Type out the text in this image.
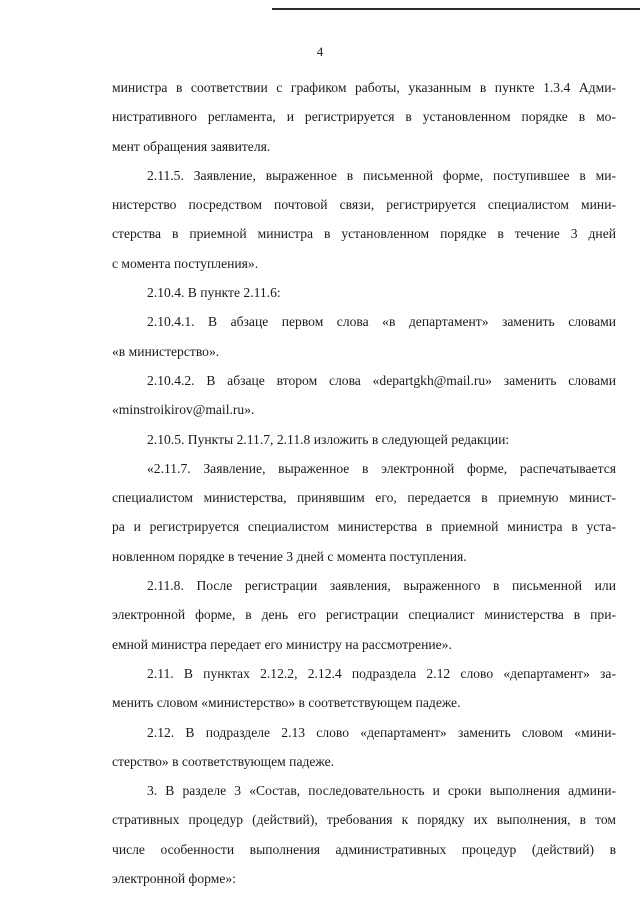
4
министра в соответствии с графиком работы, указанным в пункте 1.3.4 Адми-
нистративного регламента, и регистрируется в установленном порядке в мо-
мент обращения заявителя.
2.11.5. Заявление, выраженное в письменной форме, поступившее в ми-
нистерство посредством почтовой связи, регистрируется специалистом мини-
стерства в приемной министра в установленном порядке в течение 3 дней
с момента поступления».
2.10.4. В пункте 2.11.6:
2.10.4.1. В абзаце первом слова «в департамент» заменить словами
«в министерство».
2.10.4.2. В абзаце втором слова «departgkh@mail.ru» заменить словами
«minstroikirov@mail.ru».
2.10.5. Пункты 2.11.7, 2.11.8 изложить в следующей редакции:
«2.11.7. Заявление, выраженное в электронной форме, распечатывается
специалистом министерства, принявшим его, передается в приемную минист-
ра и регистрируется специалистом министерства в приемной министра в уста-
новленном порядке в течение 3 дней с момента поступления.
2.11.8. После регистрации заявления, выраженного в письменной или
электронной форме, в день его регистрации специалист министерства в при-
емной министра передает его министру на рассмотрение».
2.11. В пунктах 2.12.2, 2.12.4 подраздела 2.12 слово «департамент» за-
менить словом «министерство» в соответствующем падеже.
2.12. В подразделе 2.13 слово «департамент» заменить словом «мини-
стерство» в соответствующем падеже.
3. В разделе 3 «Состав, последовательность и сроки выполнения админи-
стративных процедур (действий), требования к порядку их выполнения, в том
числе особенности выполнения административных процедур (действий) в
электронной форме»:
